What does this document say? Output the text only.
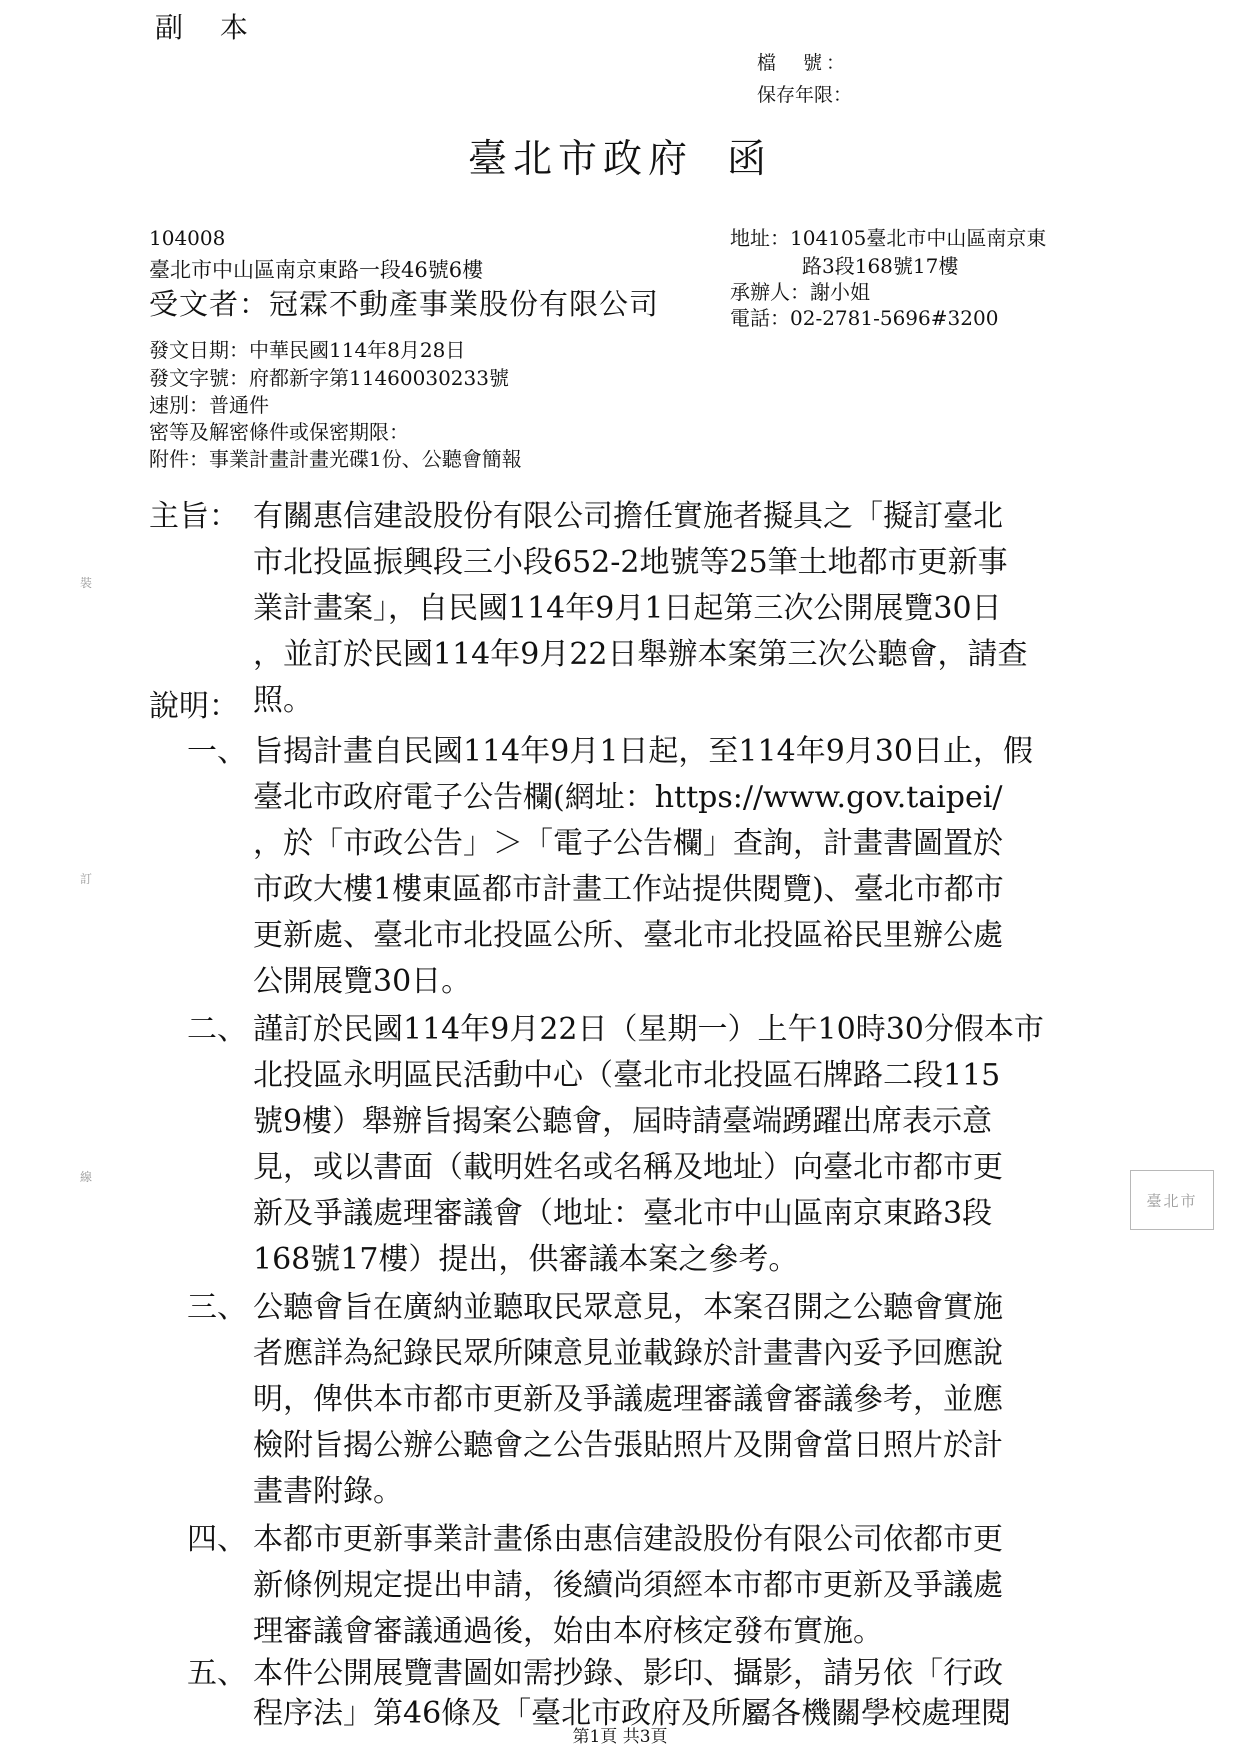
副 本
檔　號：
保存年限：
臺北市政府 函
104008
臺北市中山區南京東路一段46號6樓
受文者：冠霖不動產事業股份有限公司
地址：104105臺北市中山區南京東
路3段168號17樓
承辦人：謝小姐
電話：02-2781-5696#3200
發文日期：中華民國114年8月28日
發文字號：府都新字第11460030233號
速別：普通件
密等及解密條件或保密期限：
附件：事業計畫計畫光碟1份、公聽會簡報
主旨： 有關惠信建設股份有限公司擔任實施者擬具之「擬訂臺北
市北投區振興段三小段652-2地號等25筆土地都市更新事
業計畫案」，自民國114年9月1日起第三次公開展覽30日
，並訂於民國114年9月22日舉辦本案第三次公聽會，請查
照。
說明：
一、 旨揭計畫自民國114年9月1日起，至114年9月30日止，假
臺北市政府電子公告欄(網址：https://www.gov.taipei/
，於「市政公告」＞「電子公告欄」查詢，計畫書圖置於
市政大樓1樓東區都市計畫工作站提供閱覽)、臺北市都市
更新處、臺北市北投區公所、臺北市北投區裕民里辦公處
公開展覽30日。
二、 謹訂於民國114年9月22日（星期一）上午10時30分假本市
北投區永明區民活動中心（臺北市北投區石牌路二段115
號9樓）舉辦旨揭案公聽會，屆時請臺端踴躍出席表示意
見，或以書面（載明姓名或名稱及地址）向臺北市都市更
新及爭議處理審議會（地址：臺北市中山區南京東路3段
168號17樓）提出，供審議本案之參考。
三、 公聽會旨在廣納並聽取民眾意見，本案召開之公聽會實施
者應詳為紀錄民眾所陳意見並載錄於計畫書內妥予回應說
明，俾供本市都市更新及爭議處理審議會審議參考，並應
檢附旨揭公辦公聽會之公告張貼照片及開會當日照片於計
畫書附錄。
四、 本都市更新事業計畫係由惠信建設股份有限公司依都市更
新條例規定提出申請，後續尚須經本市都市更新及爭議處
理審議會審議通過後，始由本府核定發布實施。
五、 本件公開展覽書圖如需抄錄、影印、攝影，請另依「行政
程序法」第46條及「臺北市政府及所屬各機關學校處理閱
裝
訂
線
臺北市
第1頁 共3頁
